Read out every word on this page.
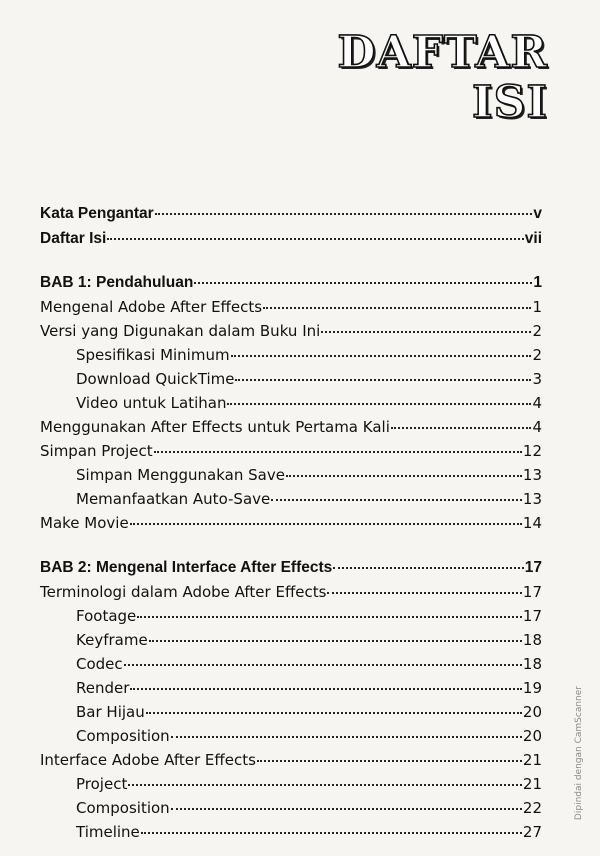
DAFTAR
ISI
Kata Pengantar	v
Daftar Isi	vii
BAB 1: Pendahuluan	1
Mengenal Adobe After Effects	1
Versi yang Digunakan dalam Buku Ini	2
Spesifikasi Minimum	2
Download QuickTime	3
Video untuk Latihan	4
Menggunakan After Effects untuk Pertama Kali	4
Simpan Project	12
Simpan Menggunakan Save	13
Memanfaatkan Auto-Save	13
Make Movie	14
BAB 2: Mengenal Interface After Effects	17
Terminologi dalam Adobe After Effects	17
Footage	17
Keyframe	18
Codec	18
Render	19
Bar Hijau	20
Composition	20
Interface Adobe After Effects	21
Project	21
Composition	22
Timeline	27
Dipindai dengan CamScanner
